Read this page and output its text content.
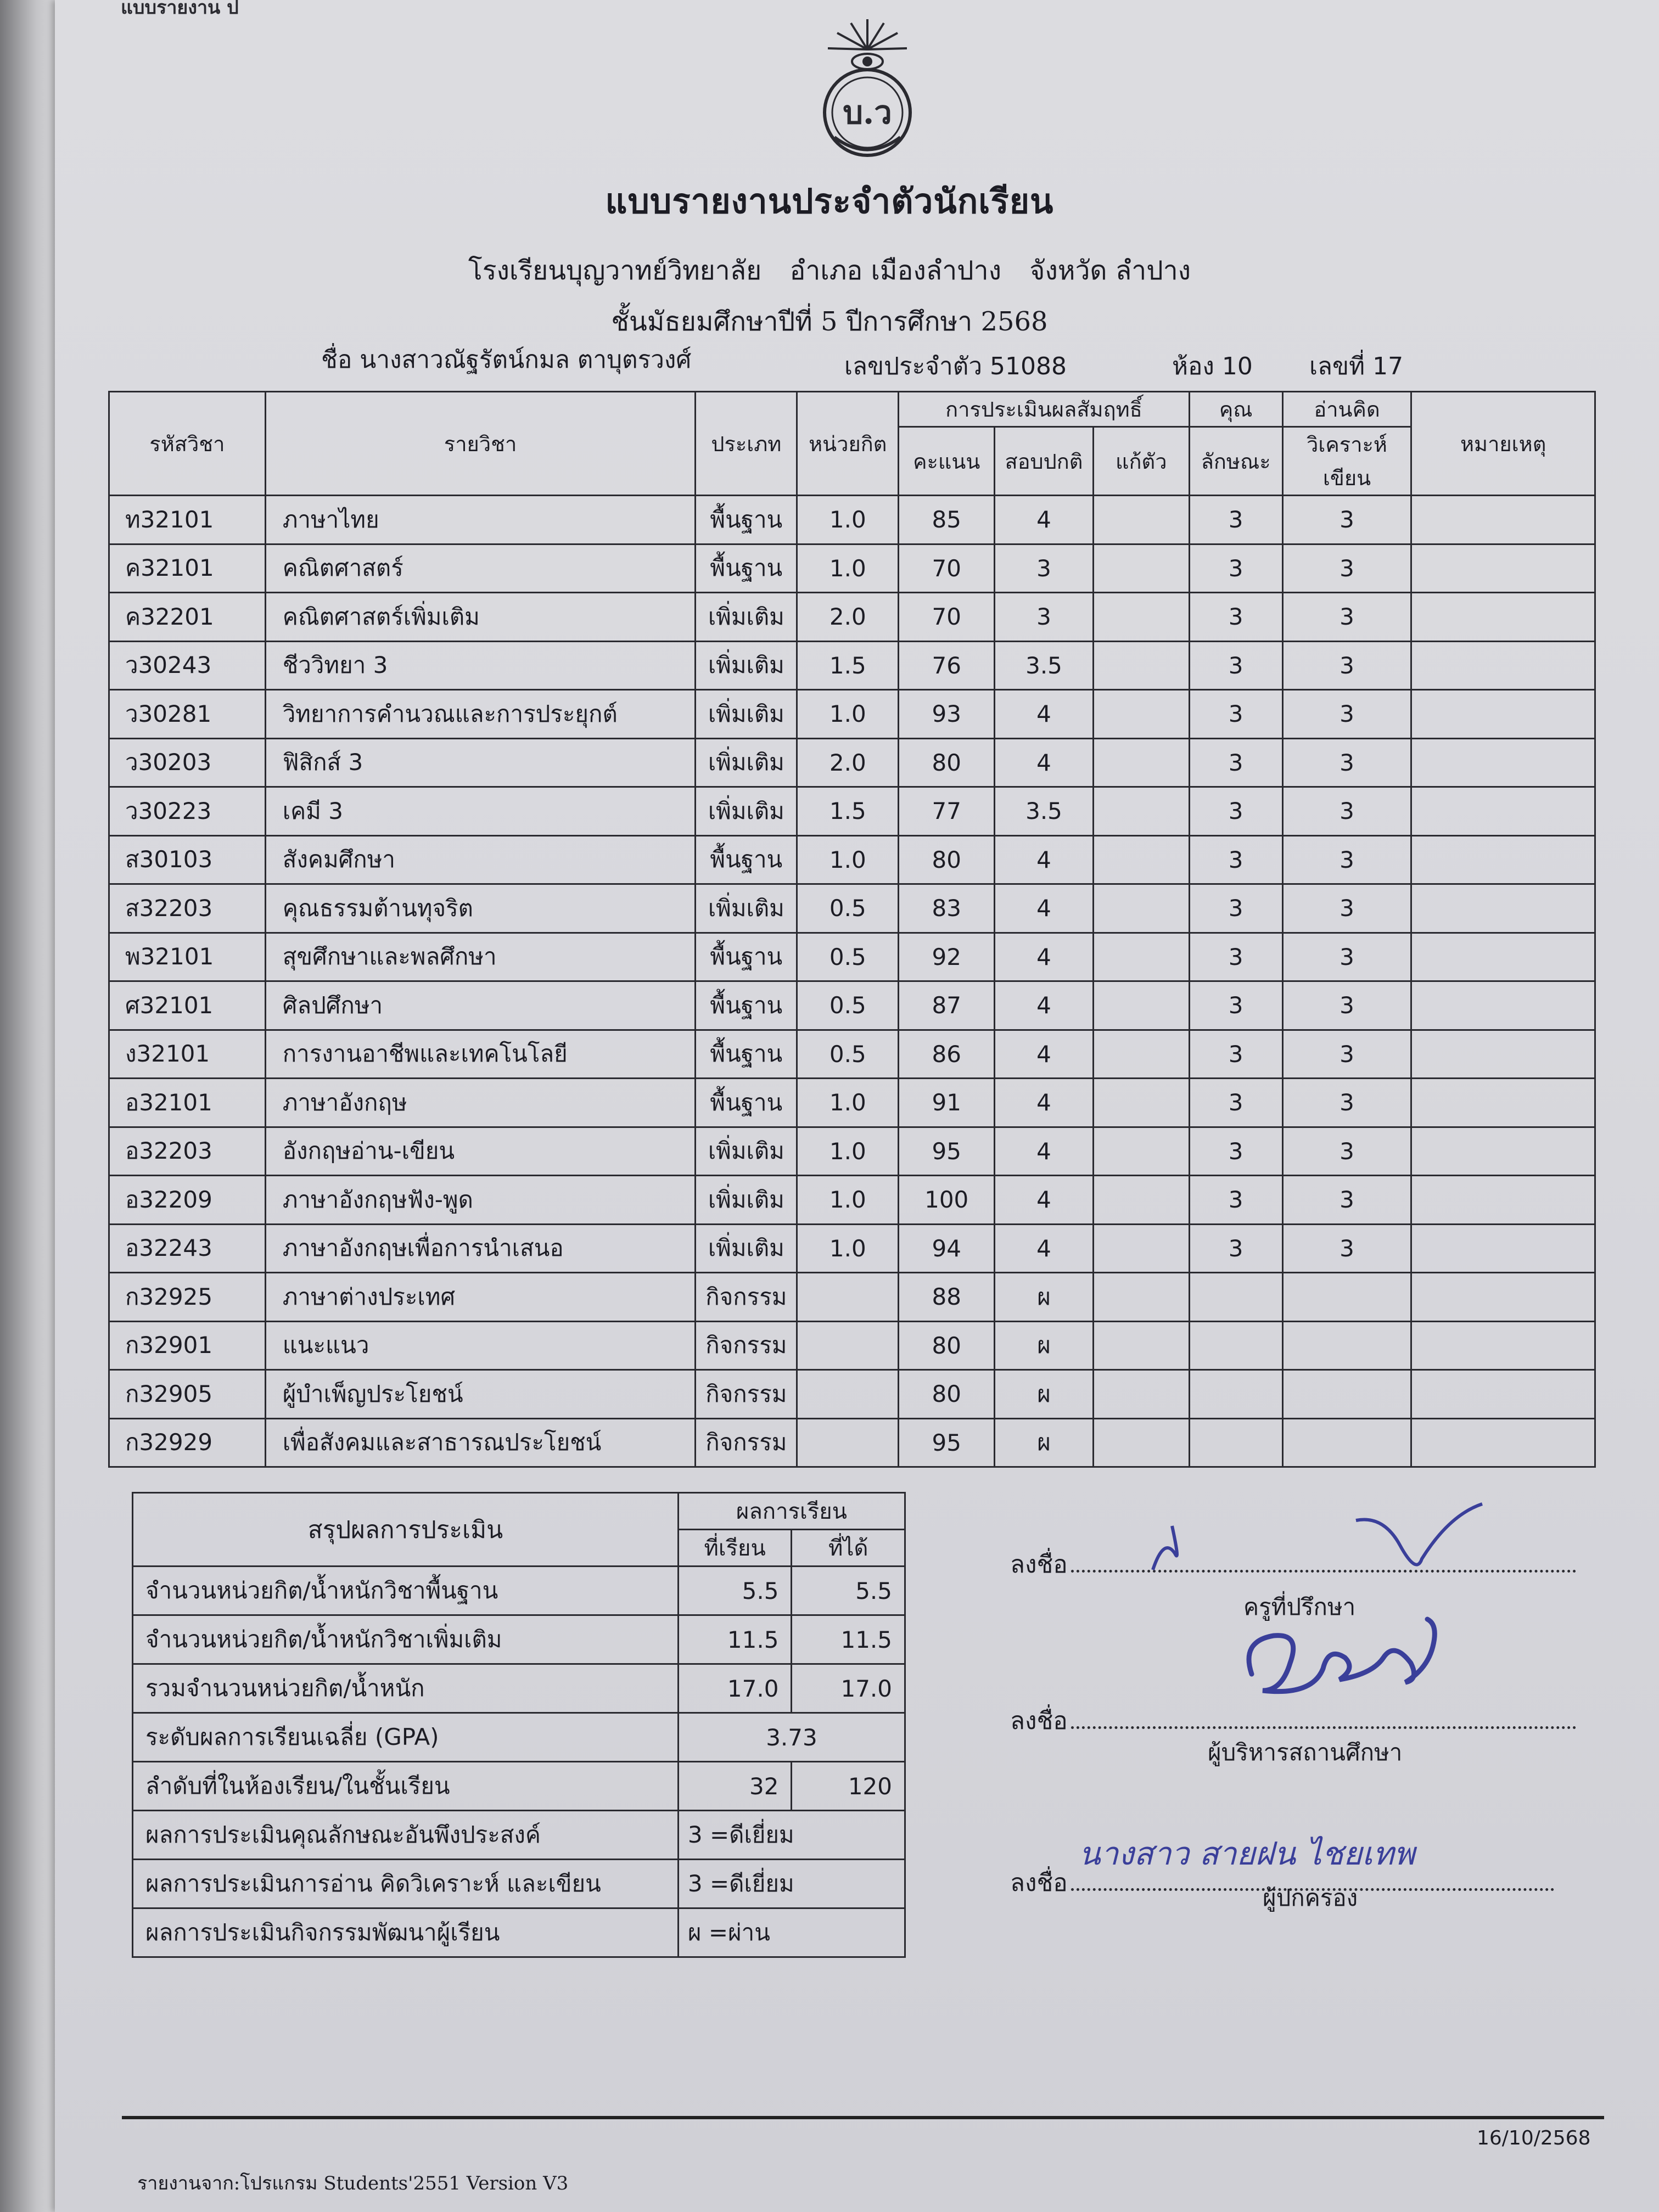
แบบรายงาน ป
บ.ว
แบบรายงานประจำตัวนักเรียน
โรงเรียนบุญวาทย์วิทยาลัย อำเภอ เมืองลำปาง จังหวัด ลำปาง
ชั้นมัธยมศึกษาปีที่ 5 ปีการศึกษา 2568
ชื่อ นางสาวณัฐรัตน์กมล ตาบุตรวงศ์	เลขประจำตัว 51088	ห้อง 10 เลขที่ 17
รหัสวิชา	รายวิชา	ประเภท	หน่วยกิต	การประเมินผลสัมฤทธิ์			คุณ	อ่านคิด	หมายเหตุ
				คะแนน	สอบปกติ	แก้ตัว	ลักษณะ	วิเคราะห์เขียน	
ท32101	ภาษาไทย	พื้นฐาน	1.0	85	4		3	3	
ค32101	คณิตศาสตร์	พื้นฐาน	1.0	70	3		3	3	
ค32201	คณิตศาสตร์เพิ่มเติม	เพิ่มเติม	2.0	70	3		3	3	
ว30243	ชีววิทยา 3	เพิ่มเติม	1.5	76	3.5		3	3	
ว30281	วิทยาการคำนวณและการประยุกต์	เพิ่มเติม	1.0	93	4		3	3	
ว30203	ฟิสิกส์ 3	เพิ่มเติม	2.0	80	4		3	3	
ว30223	เคมี 3	เพิ่มเติม	1.5	77	3.5		3	3	
ส30103	สังคมศึกษา	พื้นฐาน	1.0	80	4		3	3	
ส32203	คุณธรรมต้านทุจริต	เพิ่มเติม	0.5	83	4		3	3	
พ32101	สุขศึกษาและพลศึกษา	พื้นฐาน	0.5	92	4		3	3	
ศ32101	ศิลปศึกษา	พื้นฐาน	0.5	87	4		3	3	
ง32101	การงานอาชีพและเทคโนโลยี	พื้นฐาน	0.5	86	4		3	3	
อ32101	ภาษาอังกฤษ	พื้นฐาน	1.0	91	4		3	3	
อ32203	อังกฤษอ่าน-เขียน	เพิ่มเติม	1.0	95	4		3	3	
อ32209	ภาษาอังกฤษฟัง-พูด	เพิ่มเติม	1.0	100	4		3	3	
อ32243	ภาษาอังกฤษเพื่อการนำเสนอ	เพิ่มเติม	1.0	94	4		3	3	
ก32925	ภาษาต่างประเทศ	กิจกรรม		88	ผ				
ก32901	แนะแนว	กิจกรรม		80	ผ				
ก32905	ผู้บำเพ็ญประโยชน์	กิจกรรม		80	ผ				
ก32929	เพื่อสังคมและสาธารณประโยชน์	กิจกรรม		95	ผ				
สรุปผลการประเมิน	ผลการเรียน	
	ที่เรียน	ที่ได้
จำนวนหน่วยกิต/น้ำหนักวิชาพื้นฐาน	5.5	5.5
จำนวนหน่วยกิต/น้ำหนักวิชาเพิ่มเติม	11.5	11.5
รวมจำนวนหน่วยกิต/น้ำหนัก	17.0	17.0
ระดับผลการเรียนเฉลี่ย (GPA)	3.73	
ลำดับที่ในห้องเรียน/ในชั้นเรียน	32	120
ผลการประเมินคุณลักษณะอันพึงประสงค์	3 =ดีเยี่ยม	
ผลการประเมินการอ่าน คิดวิเคราะห์ และเขียน	3 =ดีเยี่ยม	
ผลการประเมินกิจกรรมพัฒนาผู้เรียน	ผ =ผ่าน	
ลงชื่อ
ครูที่ปรึกษา
ลงชื่อ
ผู้บริหารสถานศึกษา
ลงชื่อ
นางสาว สายฝน ไชยเทพ
ผู้ปกครอง
รายงานจาก:โปรแกรม Students'2551 Version V3
16/10/2568
